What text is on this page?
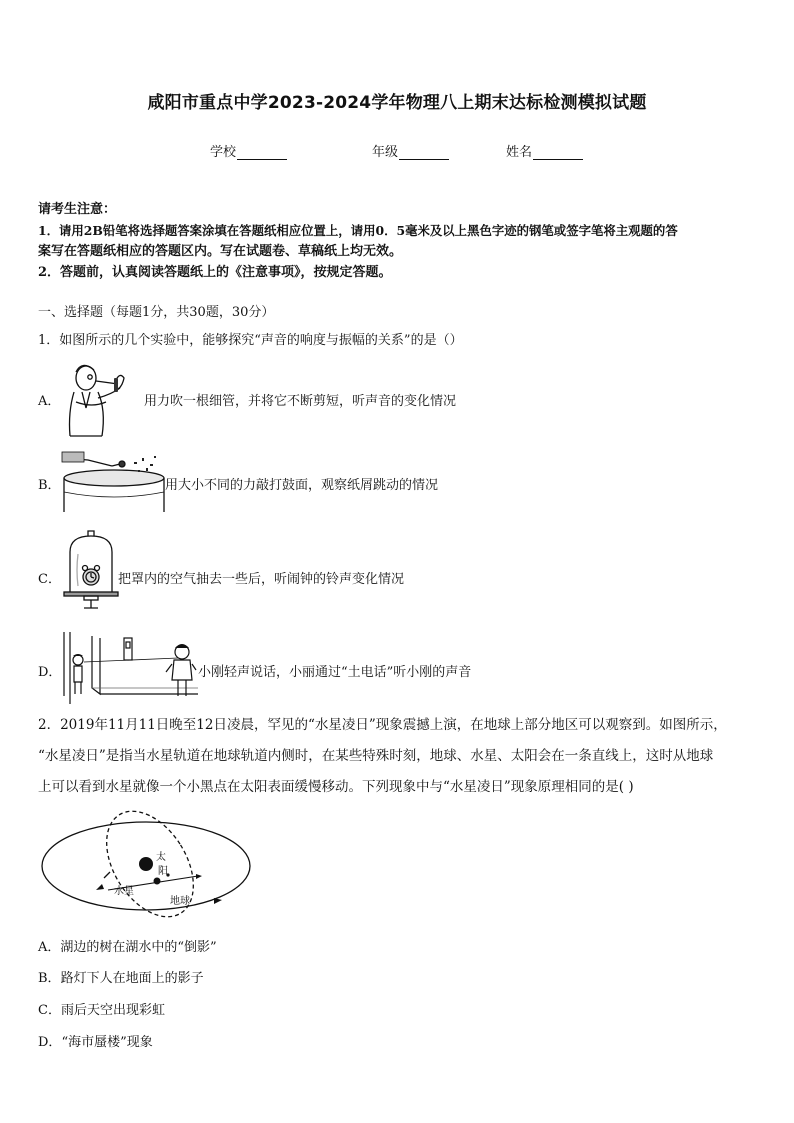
咸阳市重点中学2023-2024学年物理八上期末达标检测模拟试题
学校	年级	姓名
请考生注意：
1．请用2B铅笔将选择题答案涂填在答题纸相应位置上，请用0．5毫米及以上黑色字迹的钢笔或签字笔将主观题的答
案写在答题纸相应的答题区内。写在试题卷、草稿纸上均无效。
2．答题前，认真阅读答题纸上的《注意事项》，按规定答题。
一、选择题（每题1分，共30题，30分）
1．如图所示的几个实验中，能够探究“声音的响度与振幅的关系”的是（）
A．	用力吹一根细管，并将它不断剪短，听声音的变化情况
B．	用大小不同的力敲打鼓面，观察纸屑跳动的情况
C．	把罩内的空气抽去一些后，听闹钟的铃声变化情况
D．	小刚轻声说话，小丽通过“土电话”听小刚的声音
2．2019年11月11日晚至12日凌晨，罕见的“水星凌日”现象震撼上演，在地球上部分地区可以观察到。如图所示，
“水星凌日”是指当水星轨道在地球轨道内侧时，在某些特殊时刻，地球、水星、太阳会在一条直线上，这时从地球
上可以看到水星就像一个小黑点在太阳表面缓慢移动。下列现象中与“水星凌日”现象原理相同的是( )
太
阳
水星
地球
A．湖边的树在湖水中的“倒影”
B．路灯下人在地面上的影子
C．雨后天空出现彩虹
D．“海市蜃楼”现象
